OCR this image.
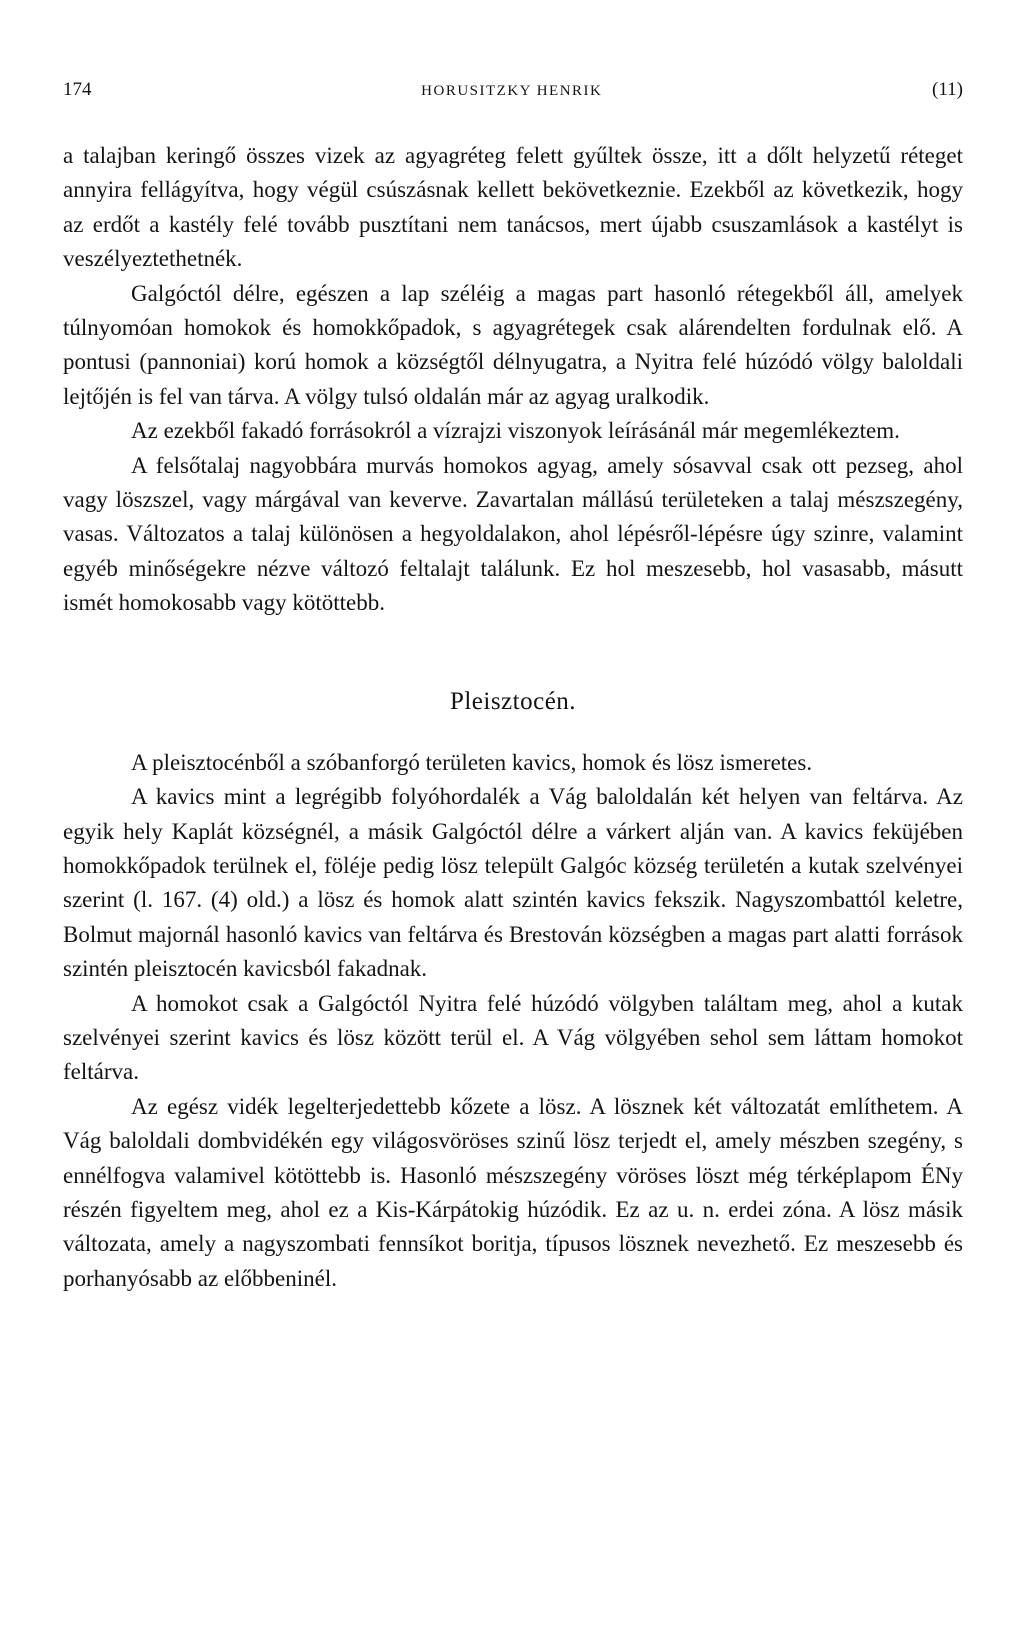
174	HORUSITZKY HENRIK	(11)

a talajban keringő összes vizek az agyagréteg felett gyűltek össze, itt a dőlt helyzetű réteget annyira fellágyítva, hogy végül csúszásnak kellett bekövetkeznie. Ezekből az következik, hogy az erdőt a kastély felé tovább pusztítani nem tanácsos, mert újabb csuszamlások a kastélyt is veszélyeztethetnék.

Galgóctól délre, egészen a lap széléig a magas part hasonló rétegekből áll, amelyek túlnyomóan homokok és homokkőpadok, s agyagrétegek csak alárendelten fordulnak elő. A pontusi (pannoniai) korú homok a községtől délnyugatra, a Nyitra felé húzódó völgy baloldali lejtőjén is fel van tárva. A völgy tulsó oldalán már az agyag uralkodik.

Az ezekből fakadó forrásokról a vízrajzi viszonyok leírásánál már megemlékeztem.

A felsőtalaj nagyobbára murvás homokos agyag, amely sósavval csak ott pezseg, ahol vagy löszszel, vagy márgával van keverve. Zavartalan mállású területeken a talaj mészszegény, vasas. Változatos a talaj különösen a hegyoldalakon, ahol lépésről-lépésre úgy szinre, valamint egyéb minőségekre nézve változó feltalajt találunk. Ez hol meszesebb, hol vasasabb, másutt ismét homokosabb vagy kötöttebb.

Pleisztocén.

A pleisztocénből a szóbanforgó területen kavics, homok és lösz ismeretes.

A kavics mint a legrégibb folyóhordalék a Vág baloldalán két helyen van feltárva. Az egyik hely Kaplát községnél, a másik Galgóctól délre a várkert alján van. A kavics feküjében homokkőpadok terülnek el, föléje pedig lösz települt Galgóc község területén a kutak szelvényei szerint (l. 167. (4) old.) a lösz és homok alatt szintén kavics fekszik. Nagyszombattól keletre, Bolmut majornál hasonló kavics van feltárva és Brestován községben a magas part alatti források szintén pleisztocén kavicsból fakadnak.

A homokot csak a Galgóctól Nyitra felé húzódó völgyben találtam meg, ahol a kutak szelvényei szerint kavics és lösz között terül el. A Vág völgyében sehol sem láttam homokot feltárva.

Az egész vidék legelterjedettebb kőzete a lösz. A lösznek két változatát említhetem. A Vág baloldali dombvidékén egy világosvöröses szinű lösz terjedt el, amely mészben szegény, s ennélfogva valamivel kötöttebb is. Hasonló mészszegény vöröses löszt még térképlapom ÉNy részén figyeltem meg, ahol ez a Kis-Kárpátokig húzódik. Ez az u. n. erdei zóna. A lösz másik változata, amely a nagyszombati fennsíkot boritja, típusos lösznek nevezhető. Ez meszesebb és porhanyósabb az előbbeninél.
